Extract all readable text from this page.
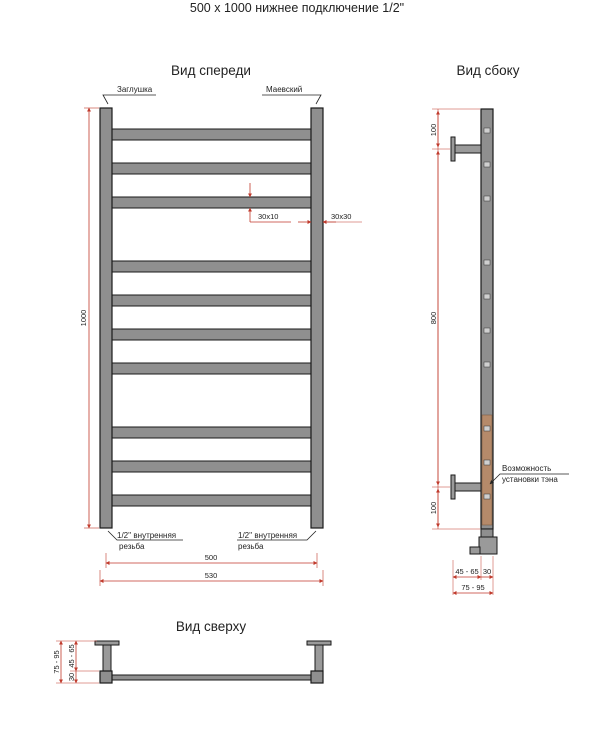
500 х 1000 нижнее подключение 1/2"
Вид спереди	Вид сбоку
Вид сверху
Заглушка	Маевский
1000
30х10	30х30
1/2'' внутренняя
резьба
1/2'' внутренняя
резьба
500
530
100
800
100
Возможность
установки тэна
45 - 65 30
75 - 95
75 - 95
30
45 - 65
